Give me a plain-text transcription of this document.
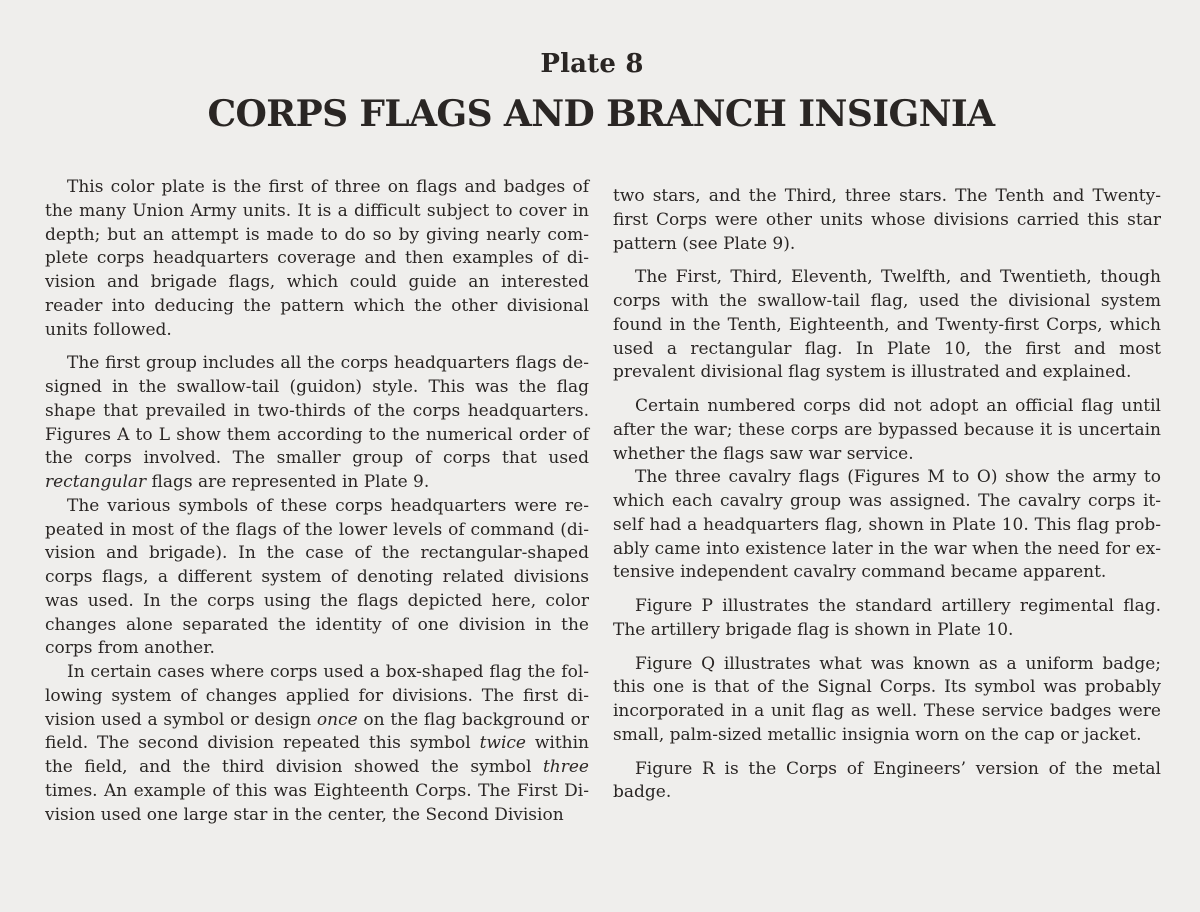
Plate 8
CORPS FLAGS AND BRANCH INSIGNIA

This color plate is the first of three on flags and badges of the many Union Army units. It is a difficult subject to cover in depth; but an attempt is made to do so by giving nearly complete corps headquarters coverage and then examples of division and brigade flags, which could guide an interested reader into deducing the pattern which the other divisional units followed.

The first group includes all the corps headquarters flags designed in the swallow-tail (guidon) style. This was the flag shape that prevailed in two-thirds of the corps headquarters. Figures A to L show them according to the numerical order of the corps involved. The smaller group of corps that used rectangular flags are represented in Plate 9.

The various symbols of these corps headquarters were repeated in most of the flags of the lower levels of command (division and brigade). In the case of the rectangular-shaped corps flags, a different system of denoting related divisions was used. In the corps using the flags depicted here, color changes alone separated the identity of one division in the corps from another.

In certain cases where corps used a box-shaped flag the following system of changes applied for divisions. The first division used a symbol or design once on the flag background or field. The second division repeated this symbol twice within the field, and the third division showed the symbol three times. An example of this was Eighteenth Corps. The First Division used one large star in the center, the Second Division

two stars, and the Third, three stars. The Tenth and Twenty-first Corps were other units whose divisions carried this star pattern (see Plate 9).

The First, Third, Eleventh, Twelfth, and Twentieth, though corps with the swallow-tail flag, used the divisional system found in the Tenth, Eighteenth, and Twenty-first Corps, which used a rectangular flag. In Plate 10, the first and most prevalent divisional flag system is illustrated and explained.

Certain numbered corps did not adopt an official flag until after the war; these corps are bypassed because it is uncertain whether the flags saw war service.

The three cavalry flags (Figures M to O) show the army to which each cavalry group was assigned. The cavalry corps itself had a headquarters flag, shown in Plate 10. This flag probably came into existence later in the war when the need for extensive independent cavalry command became apparent.

Figure P illustrates the standard artillery regimental flag. The artillery brigade flag is shown in Plate 10.

Figure Q illustrates what was known as a uniform badge; this one is that of the Signal Corps. Its symbol was probably incorporated in a unit flag as well. These service badges were small, palm-sized metallic insignia worn on the cap or jacket.

Figure R is the Corps of Engineers’ version of the metal badge.
